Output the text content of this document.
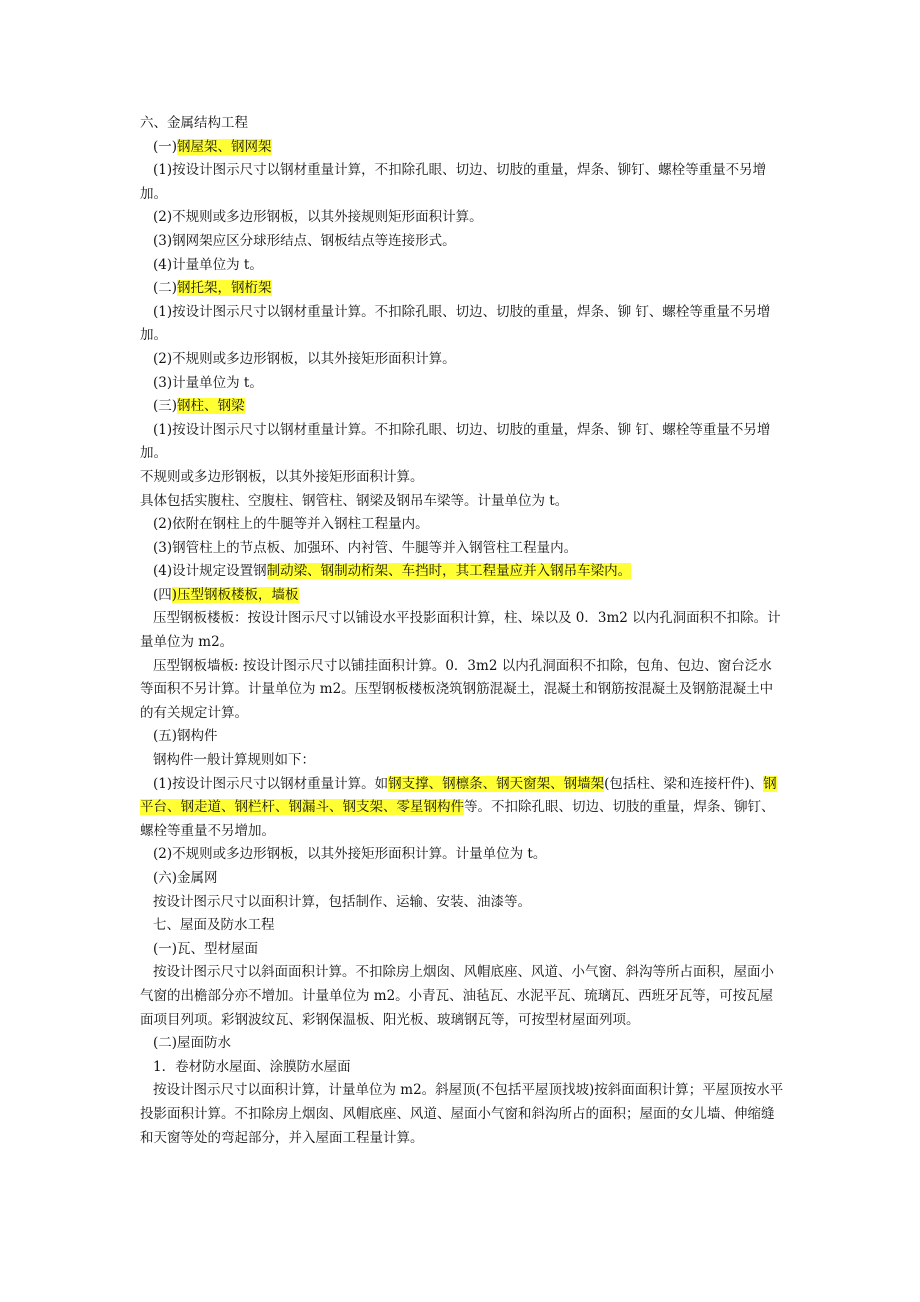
六、金属结构工程

(一)钢屋架、钢网架

(1)按设计图示尺寸以钢材重量计算，不扣除孔眼、切边、切肢的重量，焊条、铆钉、螺栓等重量不另增加。

(2)不规则或多边形钢板，以其外接规则矩形面积计算。

(3)钢网架应区分球形结点、钢板结点等连接形式。

(4)计量单位为 t。

(二)钢托架，钢桁架

(1)按设计图示尺寸以钢材重量计算。不扣除孔眼、切边、切肢的重量，焊条、铆 钉、螺栓等重量不另增加。

(2)不规则或多边形钢板，以其外接矩形面积计算。

(3)计量单位为 t。

(三)钢柱、钢梁

(1)按设计图示尺寸以钢材重量计算。不扣除孔眼、切边、切肢的重量，焊条、铆 钉、螺栓等重量不另增加。

不规则或多边形钢板，以其外接矩形面积计算。

具体包括实腹柱、空腹柱、钢管柱、钢梁及钢吊车梁等。计量单位为 t。

(2)依附在钢柱上的牛腿等并入钢柱工程量内。

(3)钢管柱上的节点板、加强环、内衬管、牛腿等并入钢管柱工程量内。

(4)设计规定设置钢制动梁、钢制动桁架、车挡时，其工程量应并入钢吊车梁内。

(四)压型钢板楼板，墙板

压型钢板楼板：按设计图示尺寸以铺设水平投影面积计算，柱、垛以及 0．3m2 以内孔洞面积不扣除。计量单位为 m2。

压型钢板墙板: 按设计图示尺寸以铺挂面积计算。0．3m2 以内孔洞面积不扣除，包角、包边、窗台泛水等面积不另计算。计量单位为 m2。压型钢板楼板浇筑钢筋混凝土，混凝土和钢筋按混凝土及钢筋混凝土中的有关规定计算。

(五)钢构件

钢构件一般计算规则如下：

(1)按设计图示尺寸以钢材重量计算。如钢支撑、钢檩条、钢天窗架、钢墙架(包括柱、梁和连接杆件)、钢平台、钢走道、钢栏杆、钢漏斗、钢支架、零星钢构件等。不扣除孔眼、切边、切肢的重量，焊条、铆钉、螺栓等重量不另增加。

(2)不规则或多边形钢板，以其外接矩形面积计算。计量单位为 t。

(六)金属网

按设计图示尺寸以面积计算，包括制作、运输、安装、油漆等。

七、屋面及防水工程

(一)瓦、型材屋面

按设计图示尺寸以斜面面积计算。不扣除房上烟囱、风帽底座、风道、小气窗、斜沟等所占面积，屋面小气窗的出檐部分亦不增加。计量单位为 m2。小青瓦、油毡瓦、水泥平瓦、琉璃瓦、西班牙瓦等，可按瓦屋面项目列项。彩钢波纹瓦、彩钢保温板、阳光板、玻璃钢瓦等，可按型材屋面列项。

(二)屋面防水

1．卷材防水屋面、涂膜防水屋面

按设计图示尺寸以面积计算，计量单位为 m2。斜屋顶(不包括平屋顶找坡)按斜面面积计算；平屋顶按水平投影面积计算。不扣除房上烟囱、风帽底座、风道、屋面小气窗和斜沟所占的面积；屋面的女儿墙、伸缩缝和天窗等处的弯起部分，并入屋面工程量计算。
